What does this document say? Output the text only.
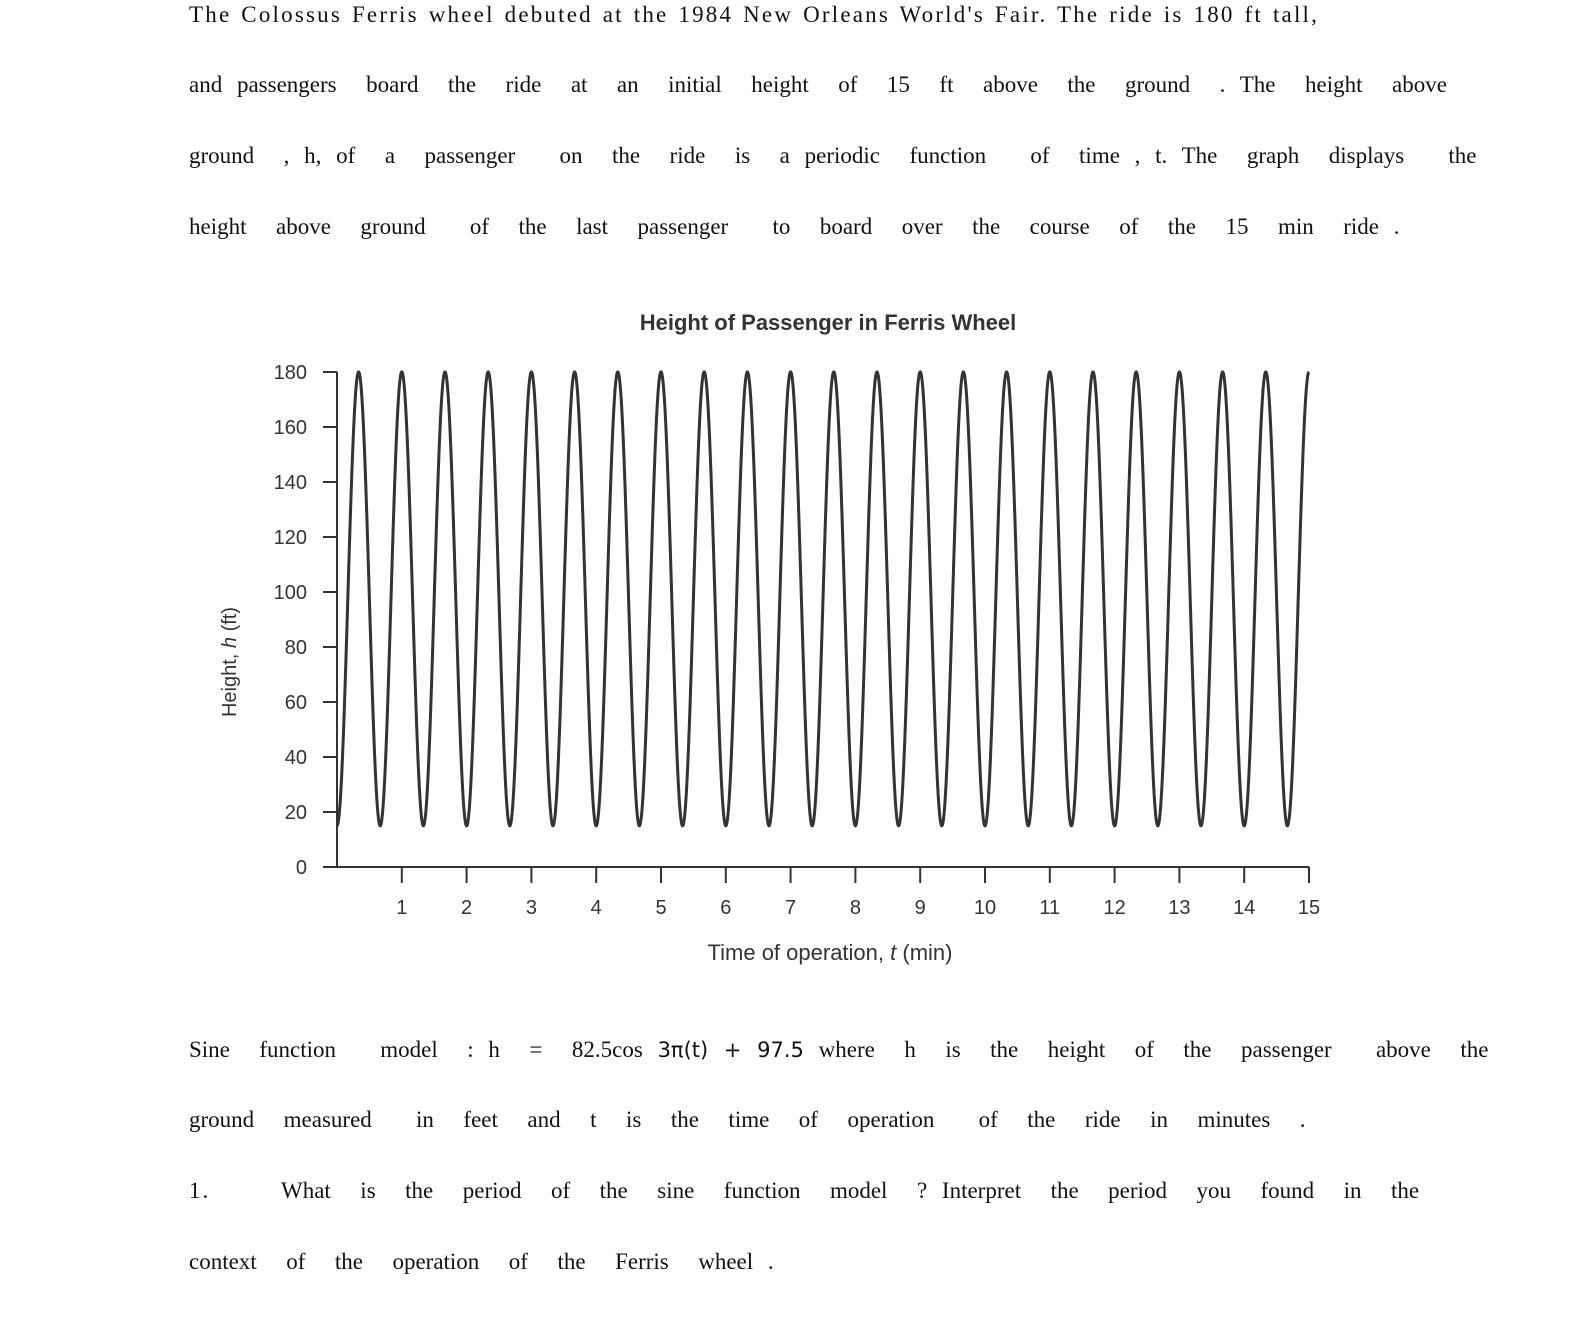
The Colossus Ferris wheel debuted at the 1984 New Orleans World's Fair. The ride is 180 ft tall,
and passengers  board  the  ride  at  an  initial  height  of  15  ft  above  the  ground  . The  height  above
ground  , h, of  a  passenger   on  the  ride  is  a periodic  function   of  time , t. The  graph  displays   the
height  above  ground   of  the  last  passenger   to  board  over  the  course  of  the  15  min  ride .
Height of Passenger in Ferris Wheel
0
20
40
60
80
100
120
140
160
180
1	2	3	4	5	6	7	8	9 10 11 12 13 14 15
Height, h (ft)
Time of operation, t (min)
Sine  function   model  : h  =  82.5cos 3π(t) + 97.5 where  h  is  the  height  of  the  passenger   above  the
ground  measured   in  feet  and  t  is  the  time  of  operation   of  the  ride  in  minutes  .
1.	What  is  the  period  of  the  sine  function  model  ? Interpret  the  period  you  found  in  the
context  of  the  operation  of  the  Ferris  wheel .
